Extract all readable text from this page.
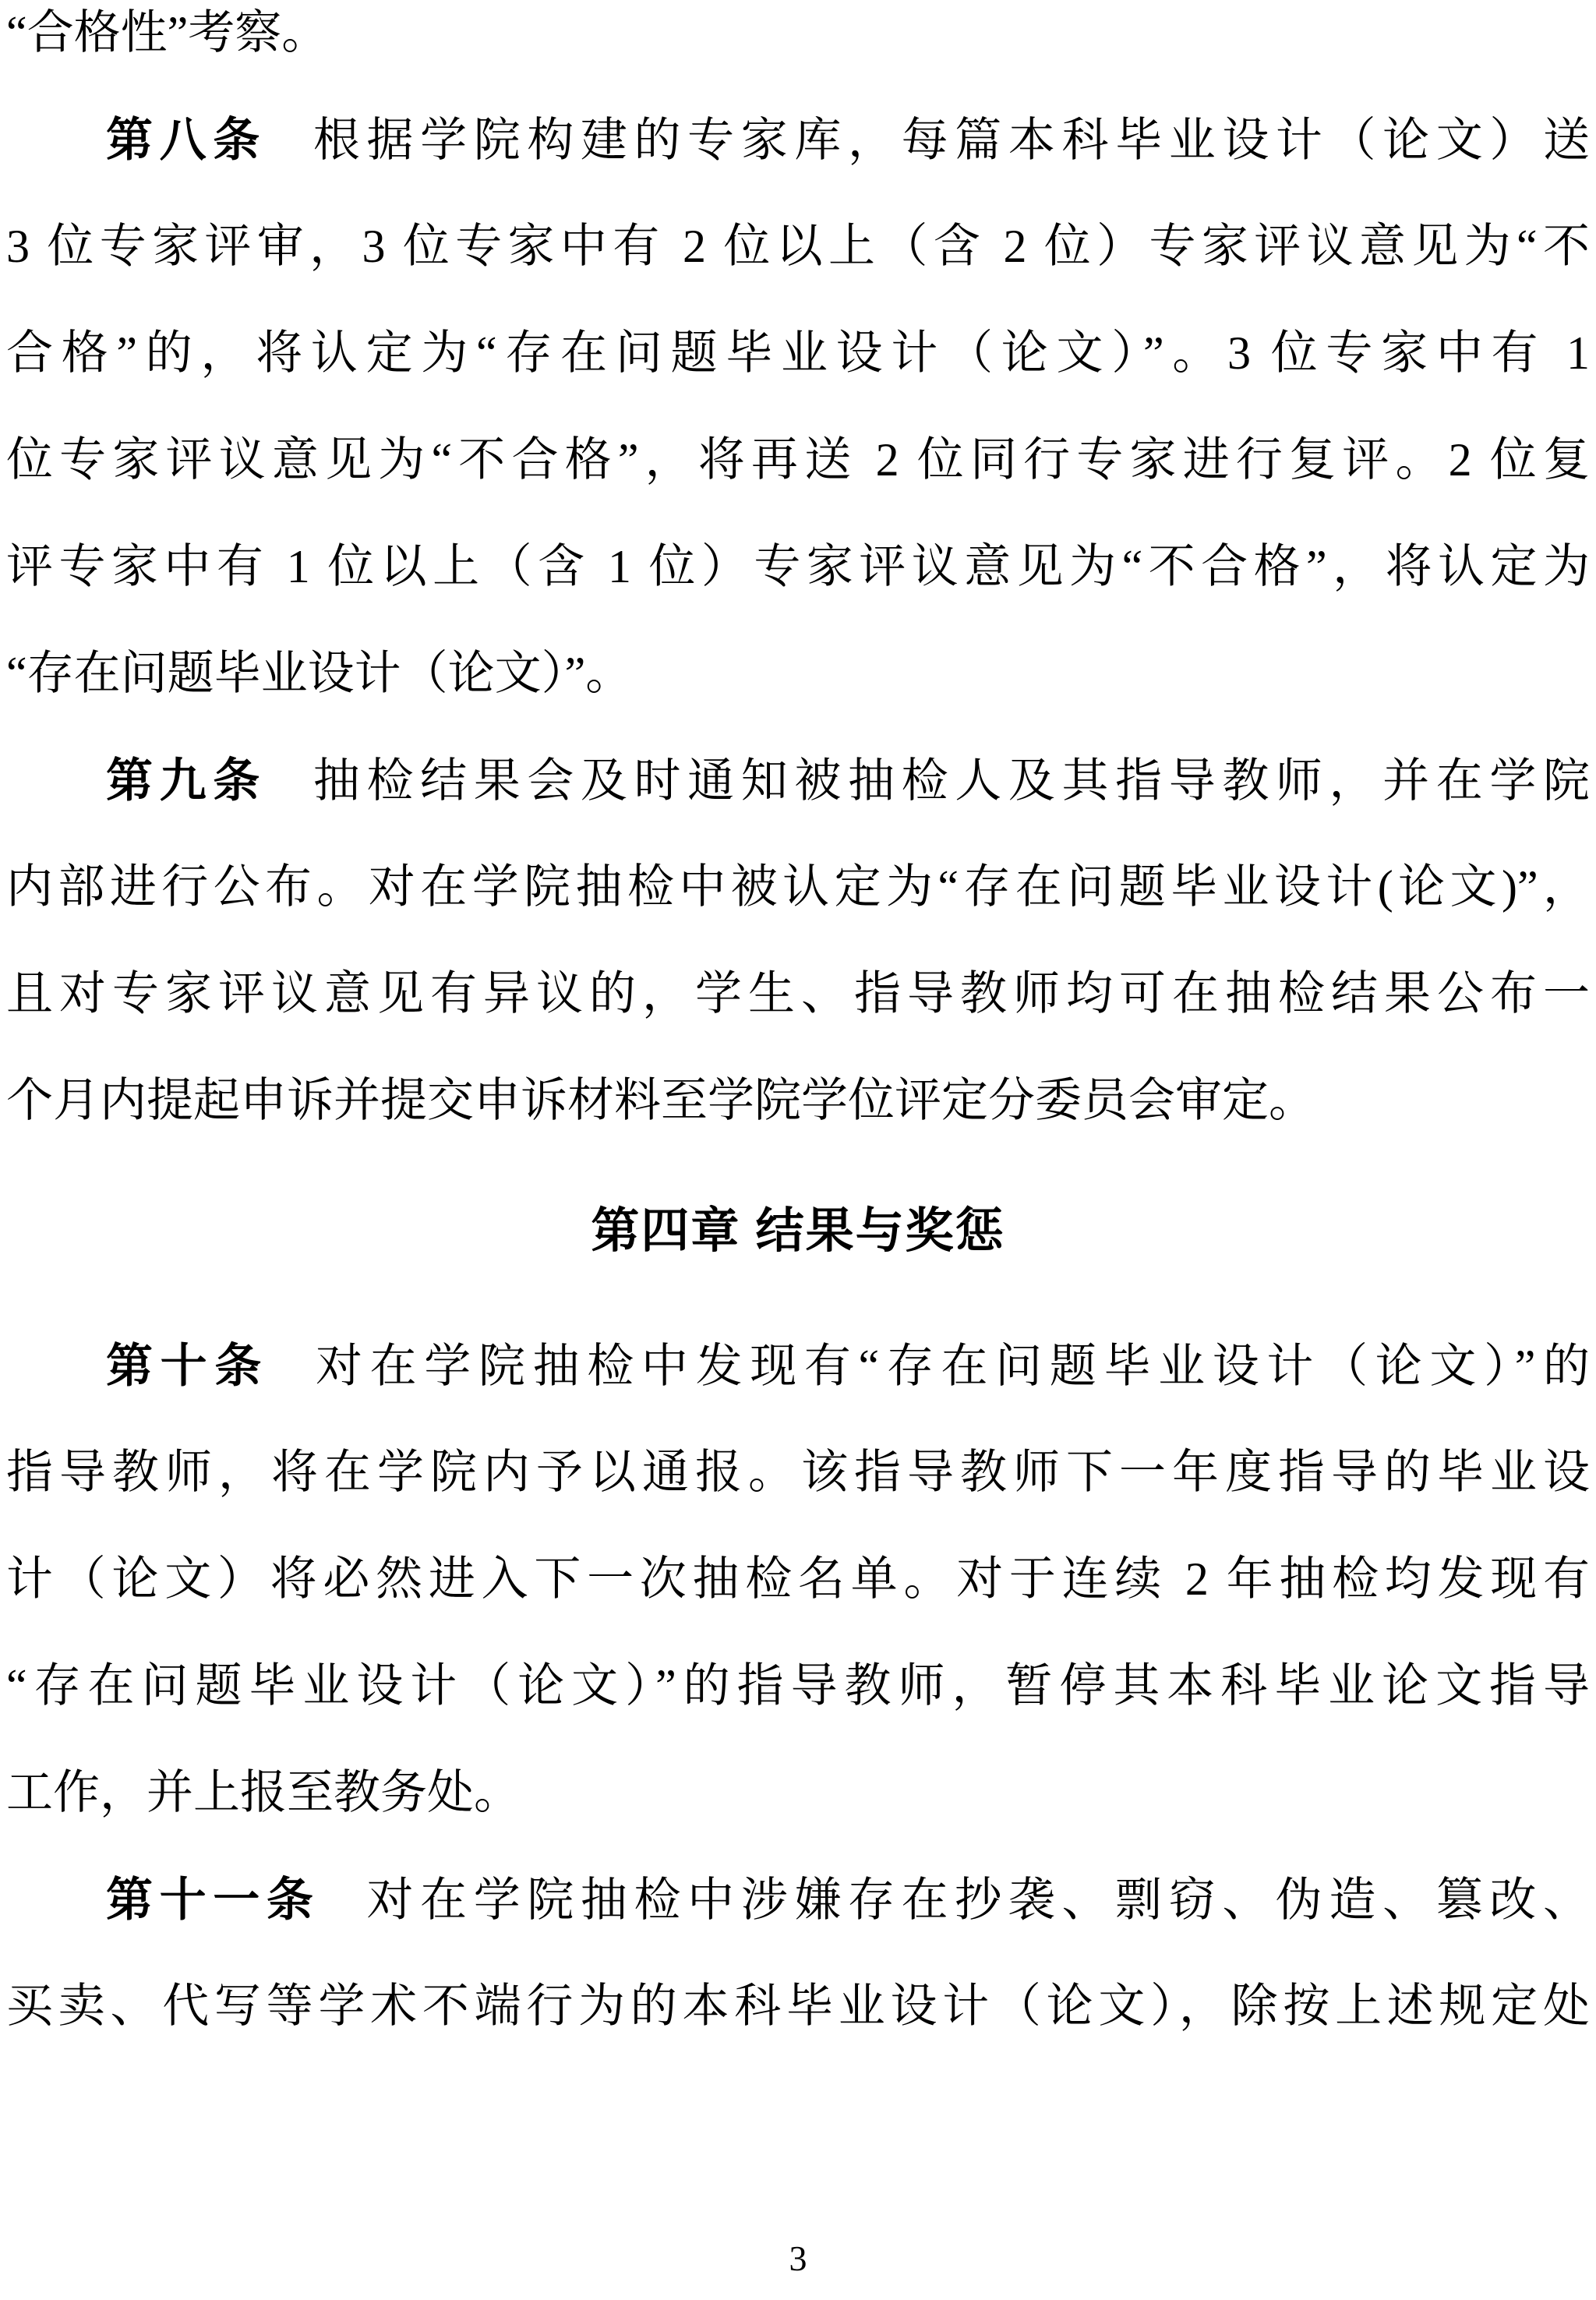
“合格性”考察。
第八条 根据学院构建的专家库，每篇本科毕业设计（论文）送
3 位专家评审，3 位专家中有 2 位以上（含 2 位）专家评议意见为“不
合格”的，将认定为“存在问题毕业设计（论文）”。3 位专家中有 1
位专家评议意见为“不合格”，将再送 2 位同行专家进行复评。2 位复
评专家中有 1 位以上（含 1 位）专家评议意见为“不合格”，将认定为
“存在问题毕业设计（论文）”。
第九条 抽检结果会及时通知被抽检人及其指导教师，并在学院
内部进行公布。对在学院抽检中被认定为“存在问题毕业设计(论文)”，
且对专家评议意见有异议的，学生、指导教师均可在抽检结果公布一
个月内提起申诉并提交申诉材料至学院学位评定分委员会审定。
第四章 结果与奖惩
第十条 对在学院抽检中发现有“存在问题毕业设计（论文）”的
指导教师，将在学院内予以通报。该指导教师下一年度指导的毕业设
计（论文）将必然进入下一次抽检名单。对于连续 2 年抽检均发现有
“存在问题毕业设计（论文）”的指导教师，暂停其本科毕业论文指导
工作，并上报至教务处。
第十一条 对在学院抽检中涉嫌存在抄袭、剽窃、伪造、篡改、
买卖、代写等学术不端行为的本科毕业设计（论文），除按上述规定处
3
